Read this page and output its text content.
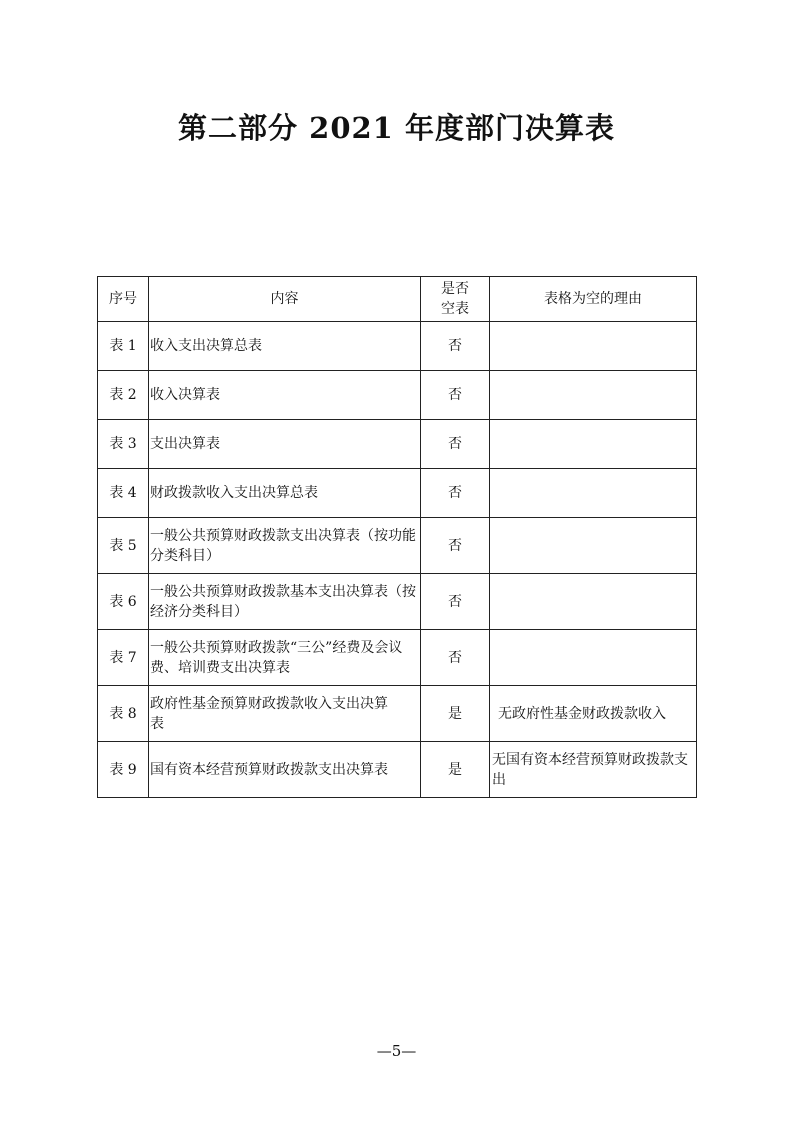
第二部分 2021 年度部门决算表
序号	内容	是否空表	表格为空的理由
表 1	收入支出决算总表	否	
表 2	收入决算表	否	
表 3	支出决算表	否	
表 4	财政拨款收入支出决算总表	否	
表 5	一般公共预算财政拨款支出决算表（按功能分类科目）	否	
表 6	一般公共预算财政拨款基本支出决算表（按经济分类科目）	否	
表 7	一般公共预算财政拨款“三公”经费及会议费、培训费支出决算表	否	
表 8	政府性基金预算财政拨款收入支出决算表	是	无政府性基金财政拨款收入
表 9	国有资本经营预算财政拨款支出决算表	是	无国有资本经营预算财政拨款支出
—5—
